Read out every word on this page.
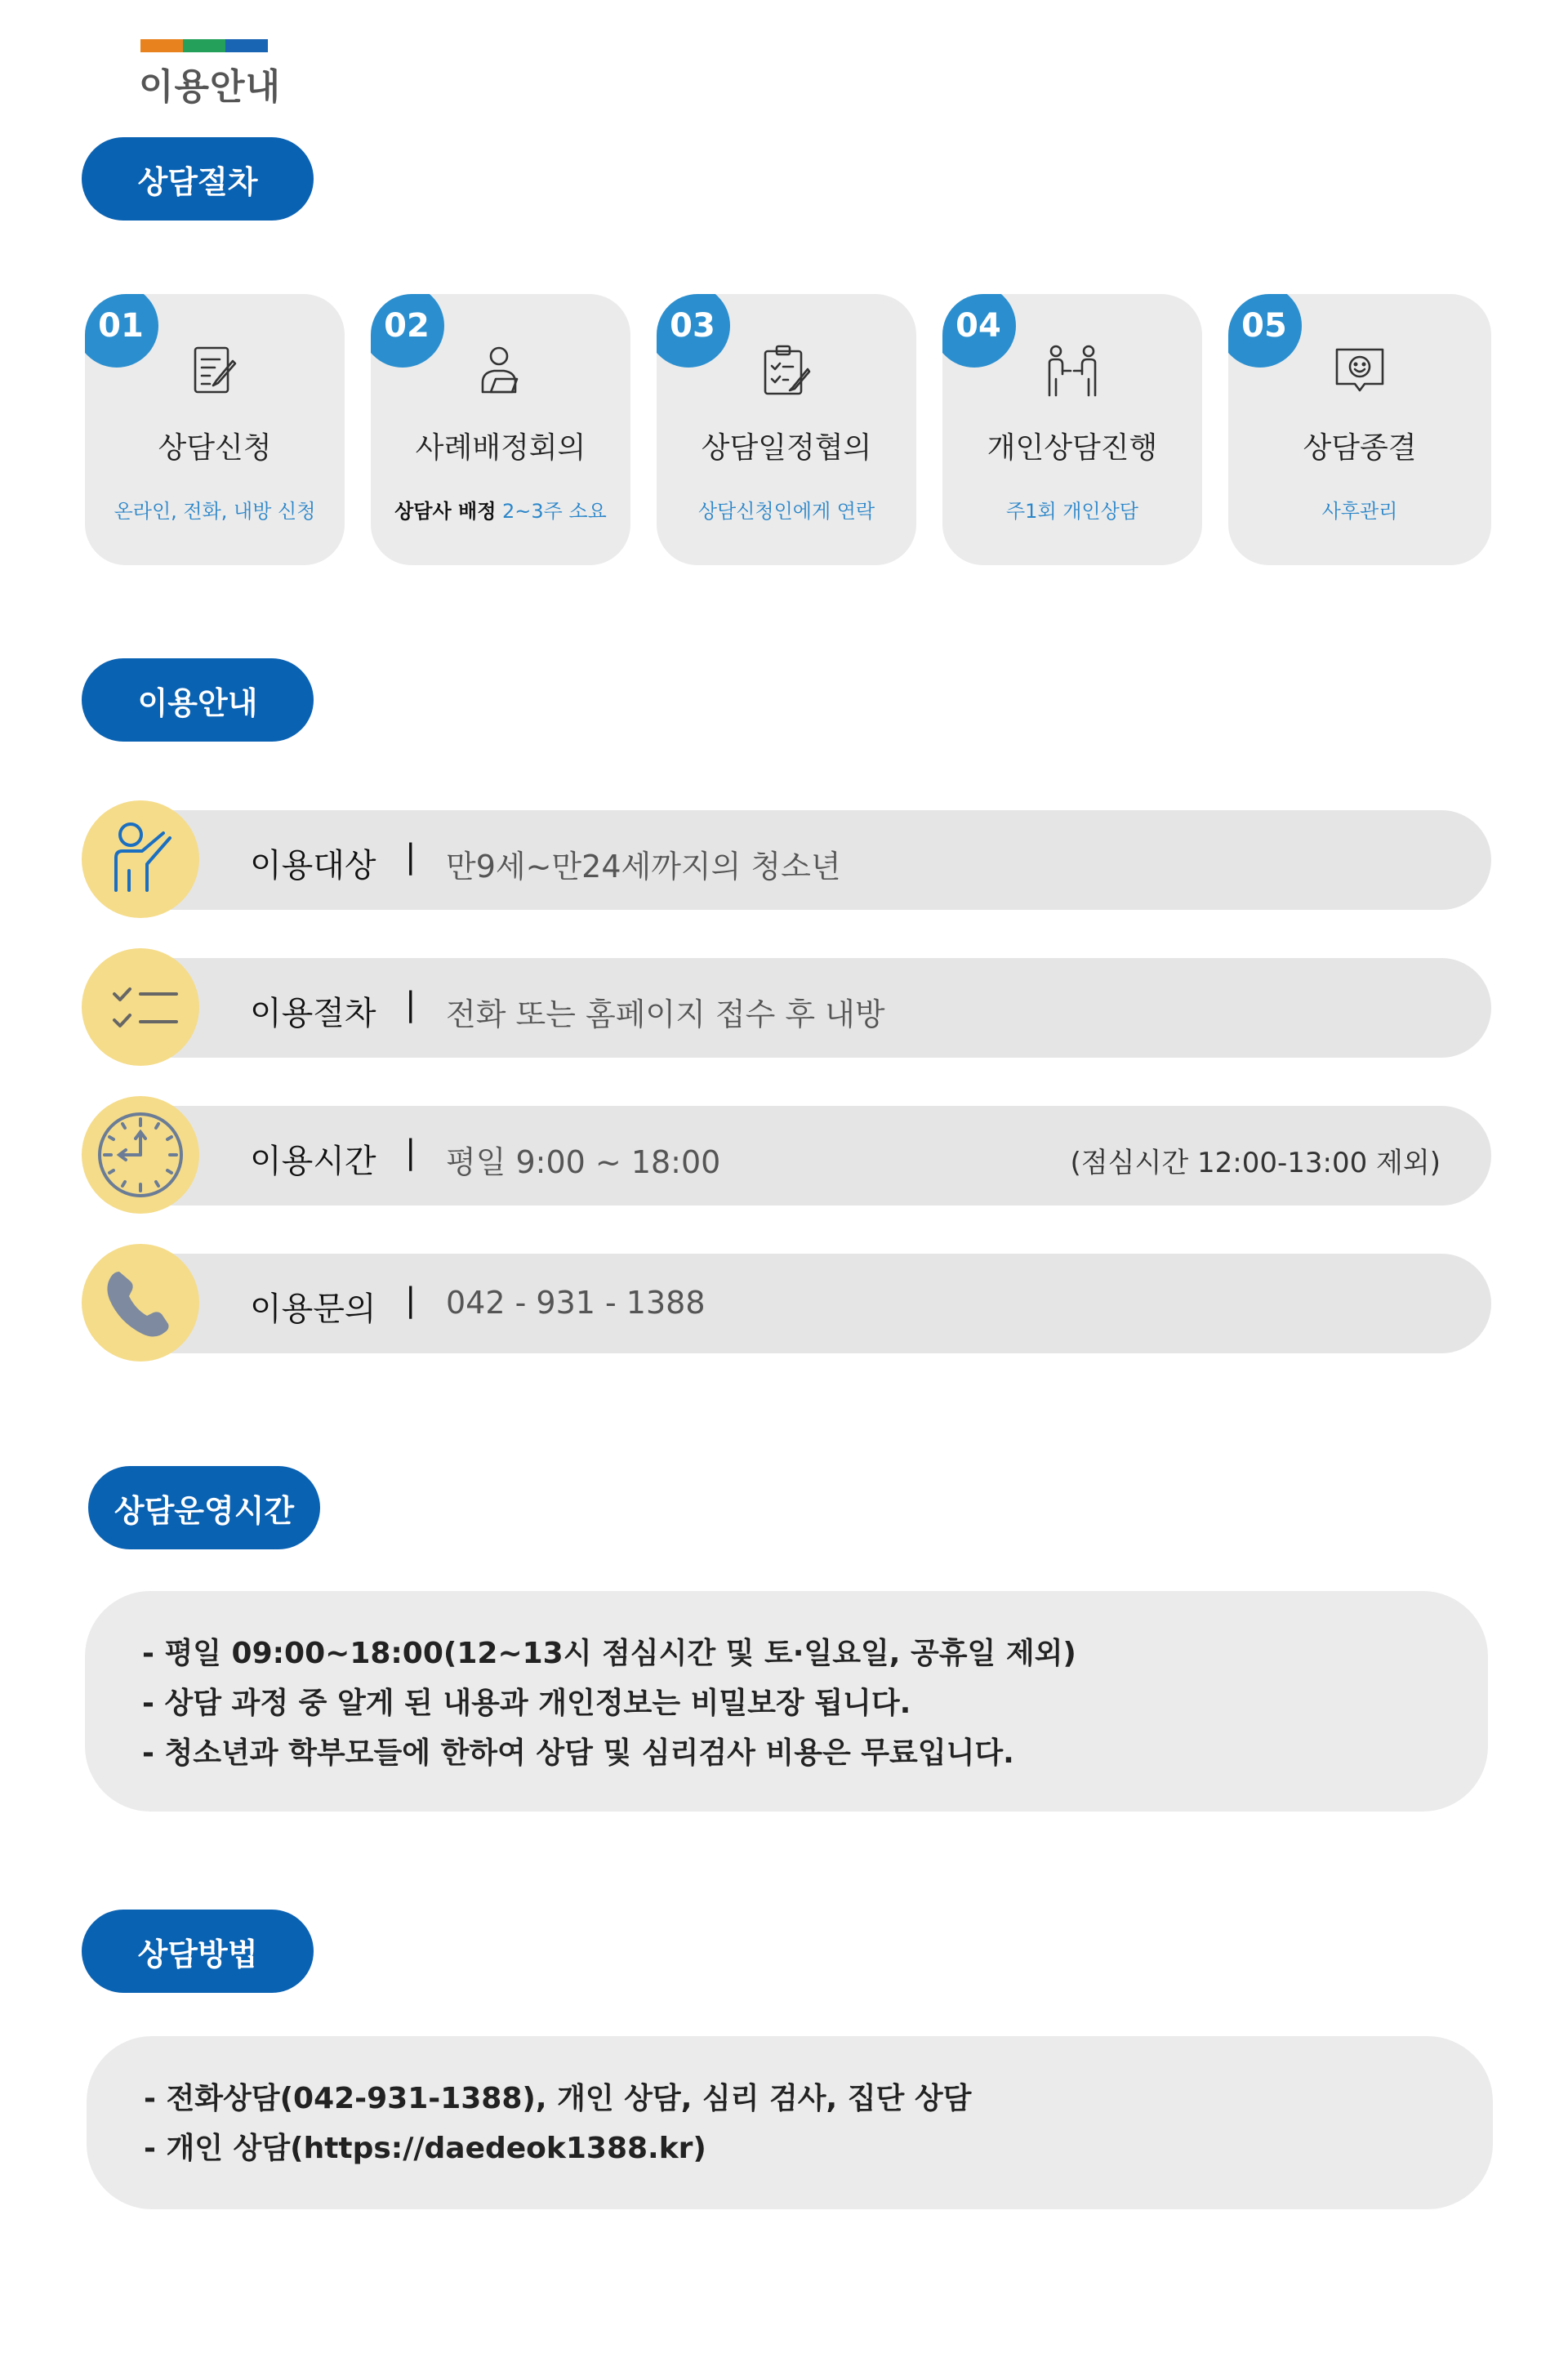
이용안내
상담절차
01
상담신청
온라인, 전화, 내방 신청
02
사례배정회의
상담사 배정 2~3주 소요
03
상담일정협의
상담신청인에게 연락
04
개인상담진행
주1회 개인상담
05
상담종결
사후관리
이용안내
이용대상 | 만9세~만24세까지의 청소년
이용절차 | 전화 또는 홈페이지 접수 후 내방
이용시간 | 평일 9:00 ~ 18:00	(점심시간 12:00-13:00 제외)
이용문의 | 042 - 931 - 1388
상담운영시간

- 평일 09:00~18:00(12~13시 점심시간 및 토·일요일, 공휴일 제외)

- 상담 과정 중 알게 된 내용과 개인정보는 비밀보장 됩니다.

- 청소년과 학부모들에 한하여 상담 및 심리검사 비용은 무료입니다.

상담방법

- 전화상담(042-931-1388), 개인 상담, 심리 검사, 집단 상담

- 개인 상담(https://daedeok1388.kr)
